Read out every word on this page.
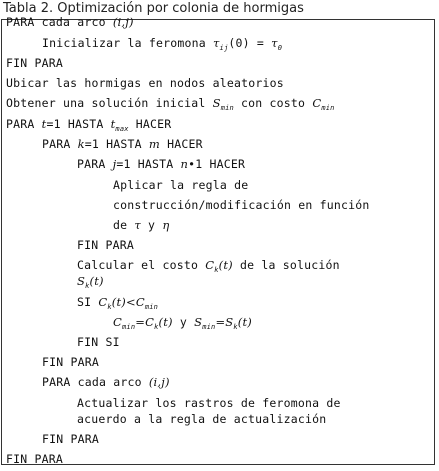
Tabla 2. Optimización por colonia de hormigas
PARA cada arco (i,j)
Inicializar la feromona $\tau_{ij}(0) = \tau_0$
FIN PARA
Ubicar las hormigas en nodos aleatorios
Obtener una solución inicial $S_{min}$ con costo $C_{min}$
PARA t=1 HASTA $t_{max}$ HACER
PARA k=1 HASTA m HACER
PARA j=1 HASTA n•1 HACER
Aplicar la regla de
construcción/modificación en función
de τ y η
FIN PARA
Calcular el costo $C_k(t)$ de la solución
$S_k(t)$
SI $C_k(t)<C_{min}$
$C_{min}=C_k(t)$ y $S_{min}=S_k(t)$
FIN SI
FIN PARA
PARA cada arco (i,j)
Actualizar los rastros de feromona de
acuerdo a la regla de actualización
FIN PARA
FIN PARA
